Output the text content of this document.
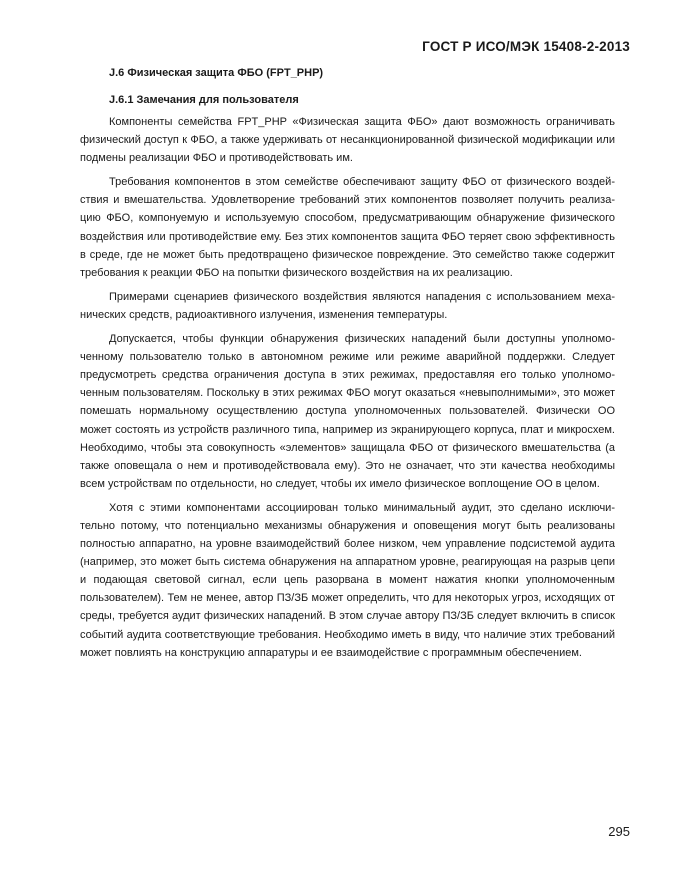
ГОСТ Р ИСО/МЭК 15408-2-2013
J.6 Физическая защита ФБО (FPT_PHP)
J.6.1 Замечания для пользователя

Компоненты семейства FPT_PHP «Физическая защита ФБО» дают возможность ограничивать физический доступ к ФБО, а также удерживать от несанкционированной физической модификации или подмены реализации ФБО и противодействовать им.

Требования компонентов в этом семействе обеспечивают защиту ФБО от физического воздействия и вмешательства. Удовлетворение требований этих компонентов позволяет получить реализацию ФБО, компонуемую и используемую способом, предусматривающим обнаружение физического воздействия или противодействие ему. Без этих компонентов защита ФБО теряет свою эффективность в среде, где не может быть предотвращено физическое повреждение. Это семейство также содержит требования к реакции ФБО на попытки физического воздействия на их реализацию.

Примерами сценариев физического воздействия являются нападения с использованием механических средств, радиоактивного излучения, изменения температуры.

Допускается, чтобы функции обнаружения физических нападений были доступны уполномоченному пользователю только в автономном режиме или режиме аварийной поддержки. Следует предусмотреть средства ограничения доступа в этих режимах, предоставляя его только уполномоченным пользователям. Поскольку в этих режимах ФБО могут оказаться «невыполнимыми», это может помешать нормальному осуществлению доступа уполномоченных пользователей. Физически ОО может состоять из устройств различного типа, например из экранирующего корпуса, плат и микросхем. Необходимо, чтобы эта совокупность «элементов» защищала ФБО от физического вмешательства (а также оповещала о нем и противодействовала ему). Это не означает, что эти качества необходимы всем устройствам по отдельности, но следует, чтобы их имело физическое воплощение ОО в целом.

Хотя с этими компонентами ассоциирован только минимальный аудит, это сделано исключительно потому, что потенциально механизмы обнаружения и оповещения могут быть реализованы полностью аппаратно, на уровне взаимодействий более низком, чем управление подсистемой аудита (например, это может быть система обнаружения на аппаратном уровне, реагирующая на разрыв цепи и подающая световой сигнал, если цепь разорвана в момент нажатия кнопки уполномоченным пользователем). Тем не менее, автор ПЗ/ЗБ может определить, что для некоторых угроз, исходящих от среды, требуется аудит физических нападений. В этом случае автору ПЗ/ЗБ следует включить в список событий аудита соответствующие требования. Необходимо иметь в виду, что наличие этих требований может повлиять на конструкцию аппаратуры и ее взаимодействие с программным обеспечением.

295
